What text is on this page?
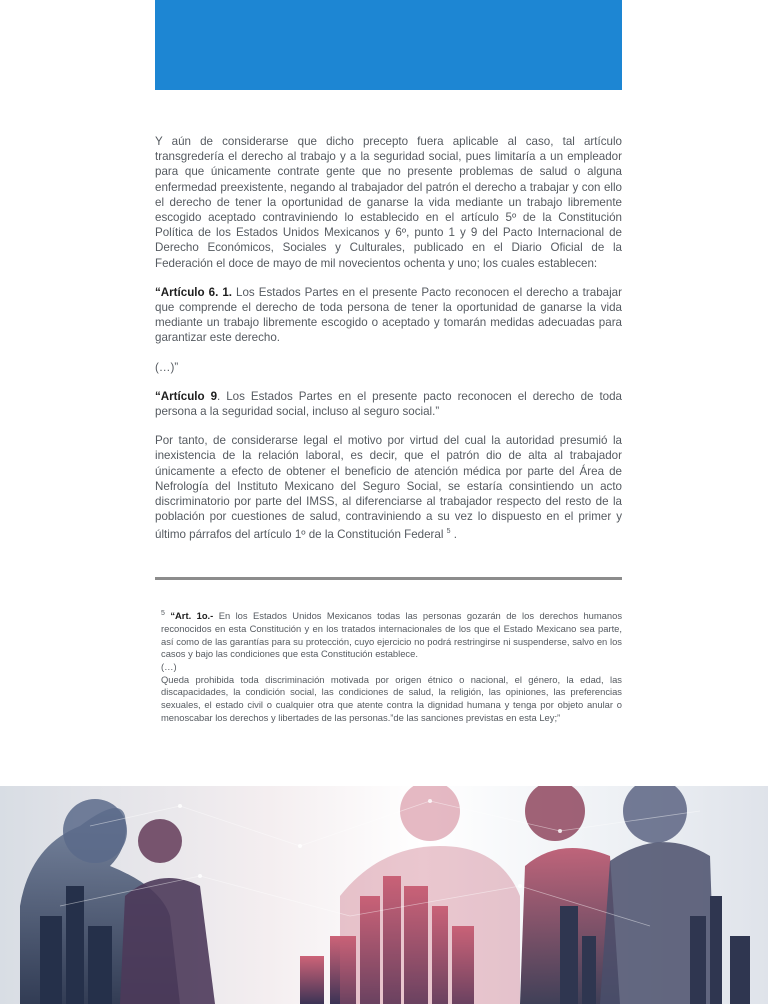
Y aún de considerarse que dicho precepto fuera aplicable al caso, tal artículo transgredería el derecho al trabajo y a la seguridad social, pues limitaría a un empleador para que únicamente contrate gente que no presente problemas de salud o alguna enfermedad preexistente, negando al trabajador del patrón el derecho a trabajar y con ello el derecho de tener la oportunidad de ganarse la vida mediante un trabajo libremente escogido aceptado contraviniendo lo establecido en el artículo 5º de la Constitución Política de los Estados Unidos Mexicanos y 6º, punto 1 y 9 del Pacto Internacional de Derecho Económicos, Sociales y Culturales, publicado en el Diario Oficial de la Federación el doce de mayo de mil novecientos ochenta y uno; los cuales establecen:

“Artículo 6. 1. Los Estados Partes en el presente Pacto reconocen el derecho a trabajar que comprende el derecho de toda persona de tener la oportunidad de ganarse la vida mediante un trabajo libremente escogido o aceptado y tomarán medidas adecuadas para garantizar este derecho.

(…)”

“Artículo 9. Los Estados Partes en el presente pacto reconocen el derecho de toda persona a la seguridad social, incluso al seguro social.”

Por tanto, de considerarse legal el motivo por virtud del cual la autoridad presumió la inexistencia de la relación laboral, es decir, que el patrón dio de alta al trabajador únicamente a efecto de obtener el beneficio de atención médica por parte del Área de Nefrología del Instituto Mexicano del Seguro Social, se estaría consintiendo un acto discriminatorio por parte del IMSS, al diferenciarse al trabajador respecto del resto de la población por cuestiones de salud, contraviniendo a su vez lo dispuesto en el primer y último párrafos del artículo 1º de la Constitución Federal $^5$ .

$^5$ “Art. 1o.- En los Estados Unidos Mexicanos todas las personas gozarán de los derechos humanos reconocidos en esta Constitución y en los tratados internacionales de los que el Estado Mexicano sea parte, así como de las garantías para su protección, cuyo ejercicio no podrá restringirse ni suspenderse, salvo en los casos y bajo las condiciones que esta Constitución establece.

(…)

Queda prohibida toda discriminación motivada por origen étnico o nacional, el género, la edad, las discapacidades, la condición social, las condiciones de salud, la religión, las opiniones, las preferencias sexuales, el estado civil o cualquier otra que atente contra la dignidad humana y tenga por objeto anular o menoscabar los derechos y libertades de las personas.”de las sanciones previstas en esta Ley;”
